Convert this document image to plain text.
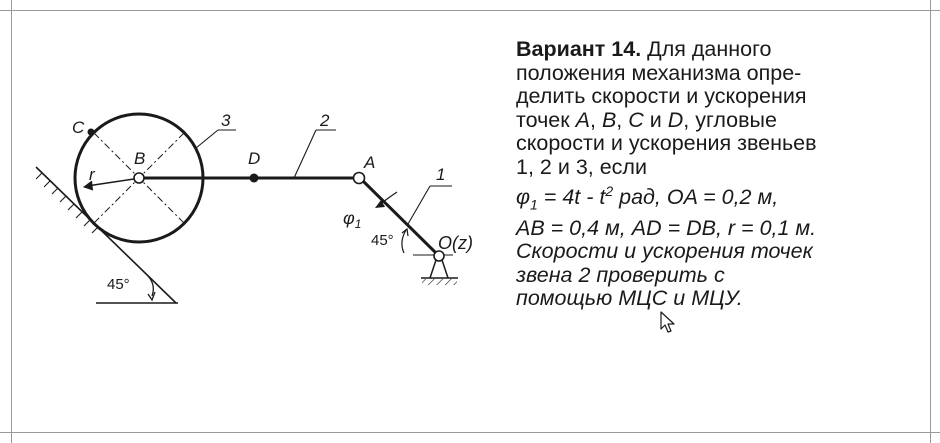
45°
r
B
C	3
D
2
A
1
$\varphi_1$
45° O(z)
Вариант 14. Для данного
положения механизма опре-
делить скорости и ускорения
точек A, B, C и D, угловые
скорости и ускорения звеньев
1, 2 и 3, если
$\varphi_1 = 4t - t^2$ рад, OA = 0,2 м,
AB = 0,4 м, AD = DB, r = 0,1 м.
Скорости и ускорения точек
звена 2 проверить с
помощью МЦС и МЦУ.
